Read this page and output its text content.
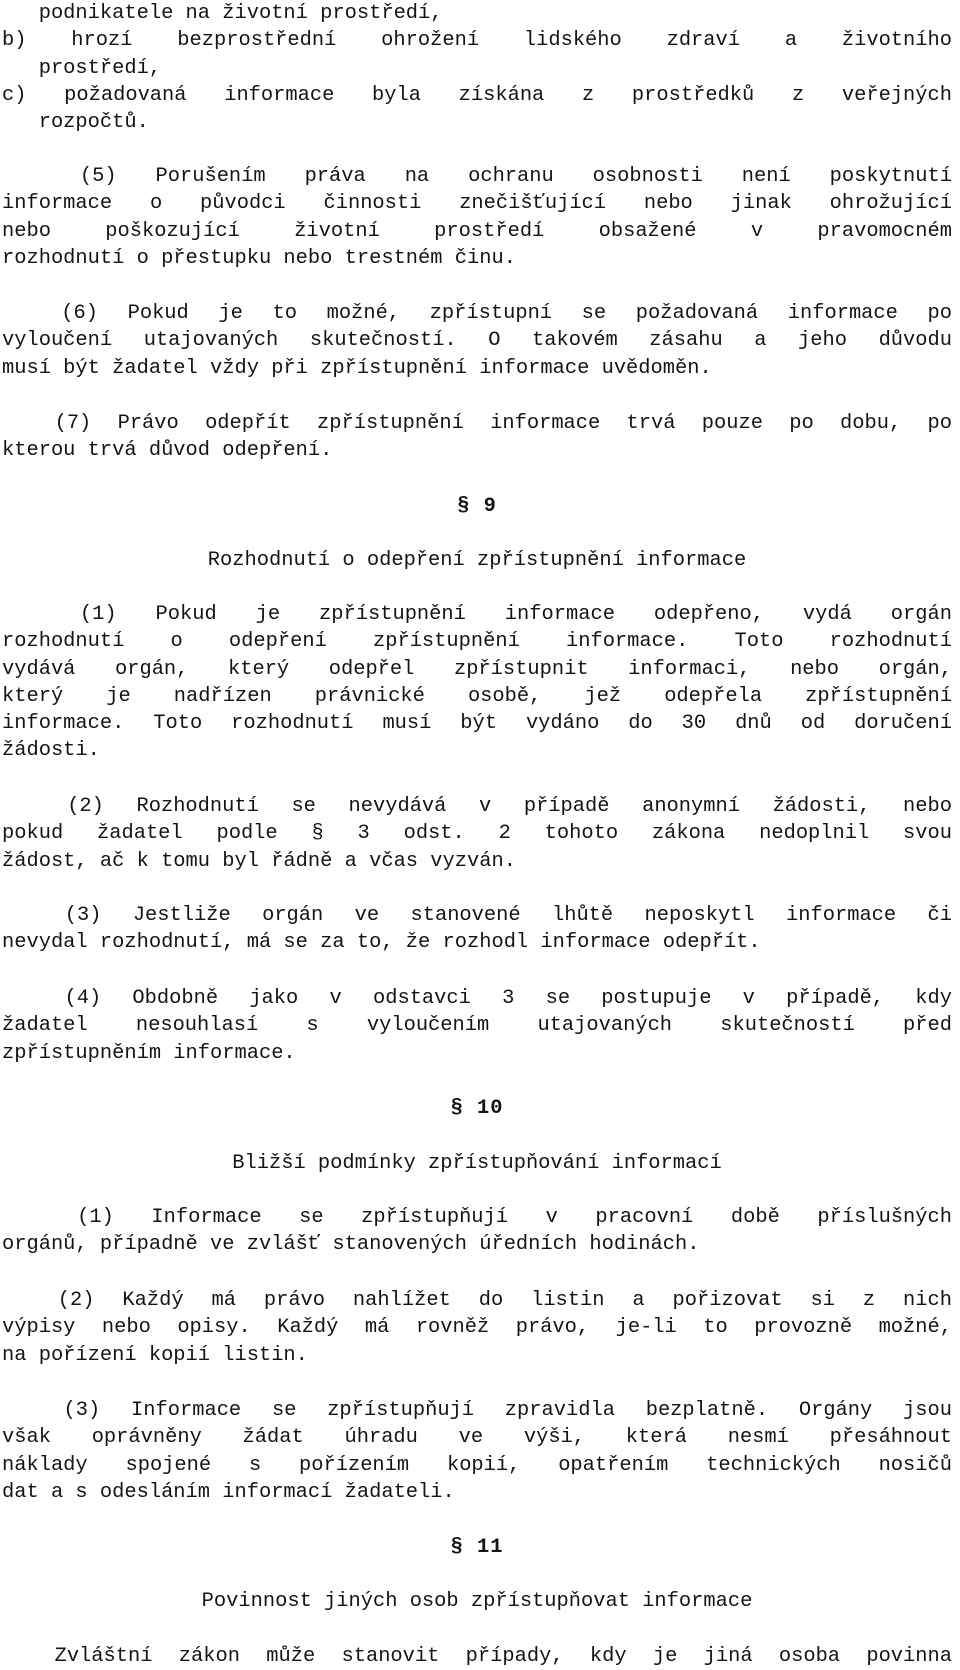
podnikatele na životní prostředí,
b) hrozí bezprostřední ohrožení lidského zdraví a životního
prostředí,
c) požadovaná informace byla získána z prostředků z veřejných
rozpočtů.
(5) Porušením práva na ochranu osobnosti není poskytnutí
informace o původci činnosti znečišťující nebo jinak ohrožující
nebo poškozující životní prostředí obsažené v pravomocném
rozhodnutí o přestupku nebo trestném činu.
(6) Pokud je to možné, zpřístupní se požadovaná informace po
vyloučení utajovaných skutečností. O takovém zásahu a jeho důvodu
musí být žadatel vždy při zpřístupnění informace uvědoměn.
(7) Právo odepřít zpřístupnění informace trvá pouze po dobu, po
kterou trvá důvod odepření.
§ 9
Rozhodnutí o odepření zpřístupnění informace
(1) Pokud je zpřístupnění informace odepřeno, vydá orgán
rozhodnutí o odepření zpřístupnění informace. Toto rozhodnutí
vydává orgán, který odepřel zpřístupnit informaci, nebo orgán,
který je nadřízen právnické osobě, jež odepřela zpřístupnění
informace. Toto rozhodnutí musí být vydáno do 30 dnů od doručení
žádosti.
(2) Rozhodnutí se nevydává v případě anonymní žádosti, nebo
pokud žadatel podle § 3 odst. 2 tohoto zákona nedoplnil svou
žádost, ač k tomu byl řádně a včas vyzván.
(3) Jestliže orgán ve stanovené lhůtě neposkytl informace či
nevydal rozhodnutí, má se za to, že rozhodl informace odepřít.
(4) Obdobně jako v odstavci 3 se postupuje v případě, kdy
žadatel nesouhlasí s vyloučením utajovaných skutečností před
zpřístupněním informace.
§ 10
Bližší podmínky zpřístupňování informací
(1) Informace se zpřístupňují v pracovní době příslušných
orgánů, případně ve zvlášť stanovených úředních hodinách.
(2) Každý má právo nahlížet do listin a pořizovat si z nich
výpisy nebo opisy. Každý má rovněž právo, je-li to provozně možné,
na pořízení kopií listin.
(3) Informace se zpřístupňují zpravidla bezplatně. Orgány jsou
však oprávněny žádat úhradu ve výši, která nesmí přesáhnout
náklady spojené s pořízením kopií, opatřením technických nosičů
dat a s odesláním informací žadateli.
§ 11
Povinnost jiných osob zpřístupňovat informace
Zvláštní zákon může stanovit případy, kdy je jiná osoba povinna
